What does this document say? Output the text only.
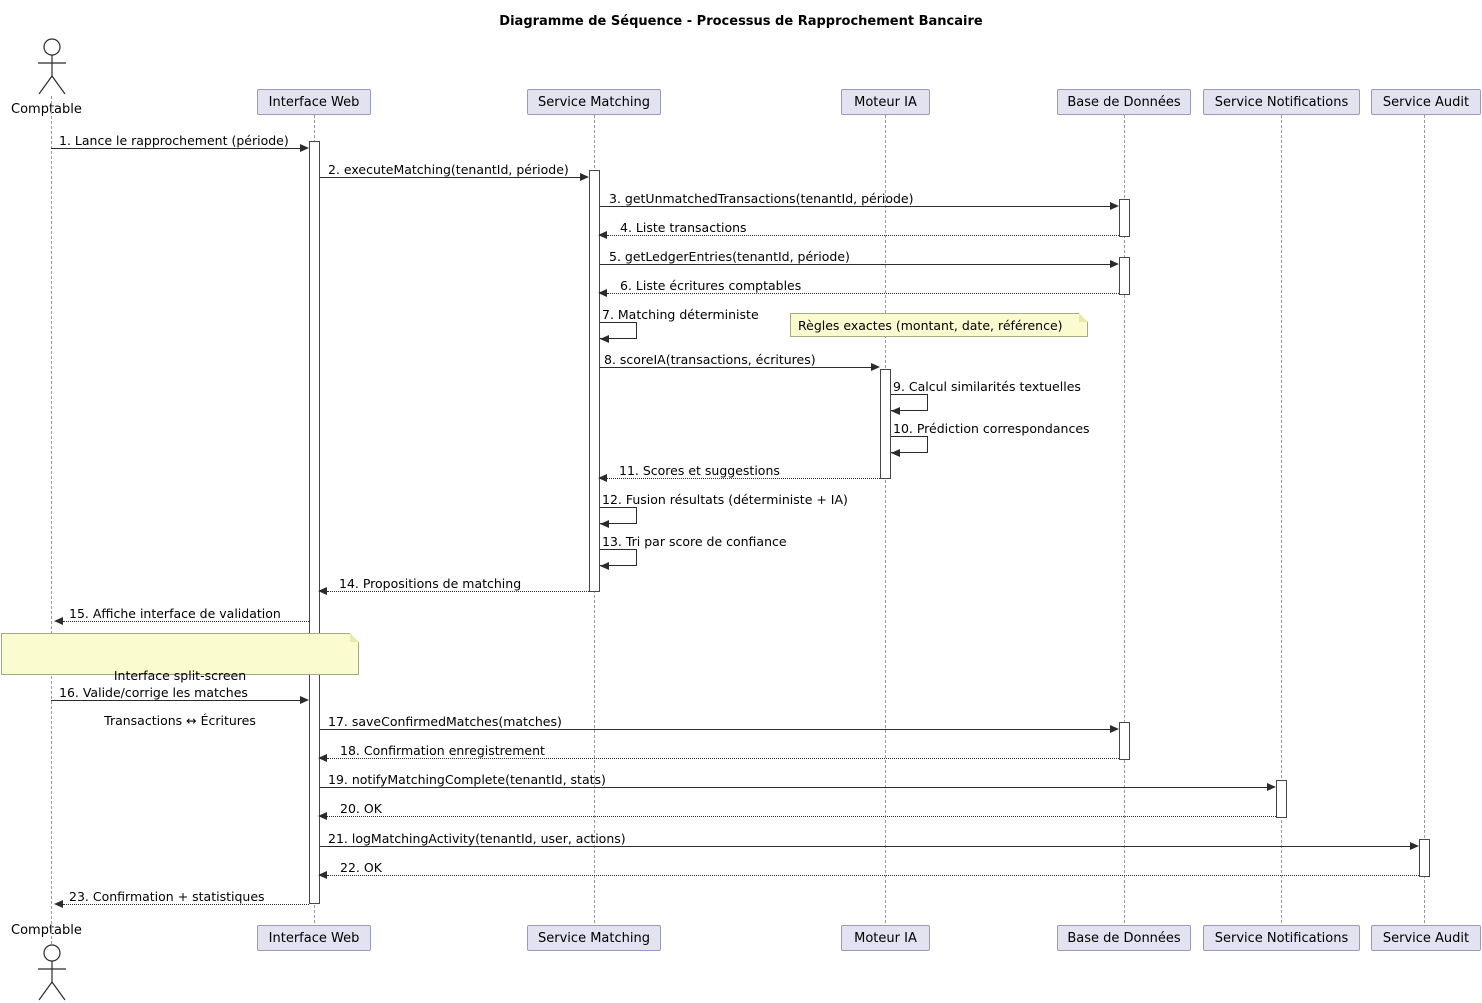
Diagramme de Séquence - Processus de Rapprochement Bancaire
Comptable
Comptable
Interface Web	Service Matching	Moteur IA	Base de Données	Service Notifications	Service Audit
Interface Web	Service Matching	Moteur IA	Base de Données	Service Notifications	Service Audit
1. Lance le rapprochement (période)
2. executeMatching(tenantId, période)
3. getUnmatchedTransactions(tenantId, période)
4. Liste transactions
5. getLedgerEntries(tenantId, période)
6. Liste écritures comptables
7. Matching déterministe
Règles exactes (montant, date, référence)
8. scoreIA(transactions, écritures)
9. Calcul similarités textuelles
10. Prédiction correspondances
11. Scores et suggestions
12. Fusion résultats (déterministe + IA)
13. Tri par score de confiance
14. Propositions de matching
15. Affiche interface de validation

Interface split-screen

Transactions ↔ Écritures

16. Valide/corrige les matches
17. saveConfirmedMatches(matches)
18. Confirmation enregistrement
19. notifyMatchingComplete(tenantId, stats)
20. OK
21. logMatchingActivity(tenantId, user, actions)
22. OK
23. Confirmation + statistiques
